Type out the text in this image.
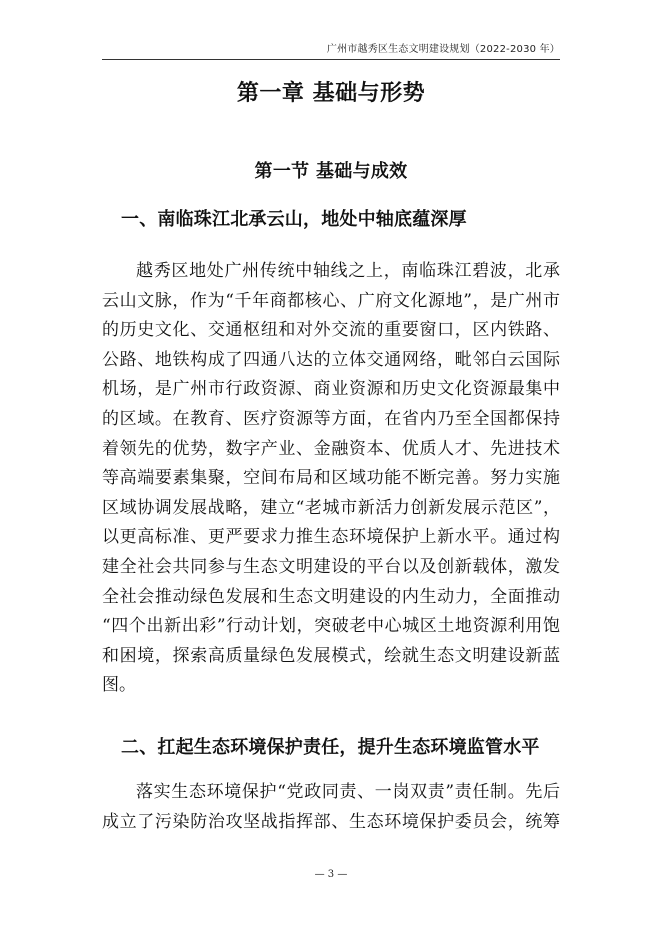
广州市越秀区生态文明建设规划（2022-2030 年）
第一章 基础与形势
第一节 基础与成效
一、南临珠江北承云山，地处中轴底蕴深厚
越秀区地处广州传统中轴线之上，南临珠江碧波，北承
云山文脉，作为“千年商都核心、广府文化源地”，是广州市
的历史文化、交通枢纽和对外交流的重要窗口，区内铁路、
公路、地铁构成了四通八达的立体交通网络，毗邻白云国际
机场，是广州市行政资源、商业资源和历史文化资源最集中
的区域。在教育、医疗资源等方面，在省内乃至全国都保持
着领先的优势，数字产业、金融资本、优质人才、先进技术
等高端要素集聚，空间布局和区域功能不断完善。努力实施
区域协调发展战略，建立“老城市新活力创新发展示范区”，
以更高标准、更严要求力推生态环境保护上新水平。通过构
建全社会共同参与生态文明建设的平台以及创新载体，激发
全社会推动绿色发展和生态文明建设的内生动力，全面推动
“四个出新出彩”行动计划，突破老中心城区土地资源利用饱
和困境，探索高质量绿色发展模式，绘就生态文明建设新蓝
图。
二、扛起生态环境保护责任，提升生态环境监管水平
落实生态环境保护“党政同责、一岗双责”责任制。先后
成立了污染防治攻坚战指挥部、生态环境保护委员会，统筹
— 3 —
